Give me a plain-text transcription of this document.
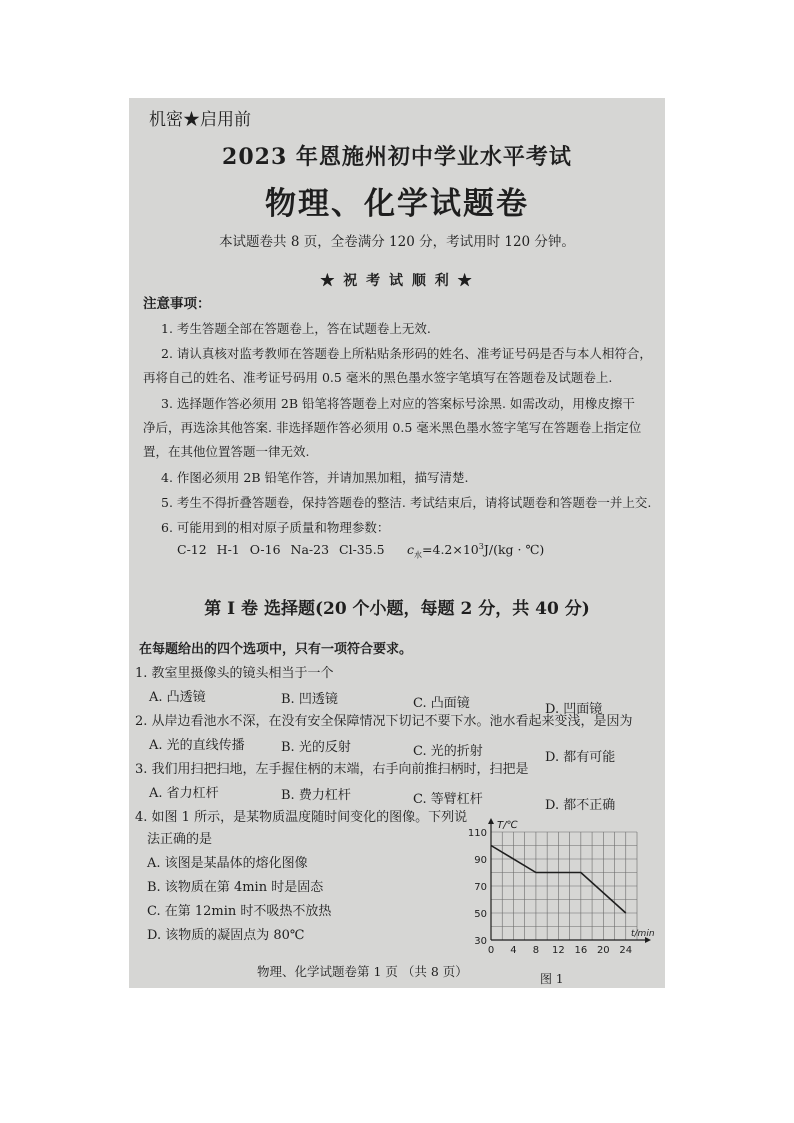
机密★启用前
2023 年恩施州初中学业水平考试
物理、化学试题卷
本试题卷共 8 页，全卷满分 120 分，考试用时 120 分钟。
★ 祝 考 试 顺 利 ★
注意事项：
1. 考生答题全部在答题卷上，答在试题卷上无效.
2. 请认真核对监考教师在答题卷上所粘贴条形码的姓名、准考证号码是否与本人相符合，
再将自己的姓名、准考证号码用 0.5 毫米的黑色墨水签字笔填写在答题卷及试题卷上.
3. 选择题作答必须用 2B 铅笔将答题卷上对应的答案标号涂黑. 如需改动，用橡皮擦干
净后，再选涂其他答案. 非选择题作答必须用 0.5 毫米黑色墨水签字笔写在答题卷上指定位
置，在其他位置答题一律无效.
4. 作图必须用 2B 铅笔作答，并请加黑加粗，描写清楚.
5. 考生不得折叠答题卷，保持答题卷的整洁. 考试结束后，请将试题卷和答题卷一并上交.
6. 可能用到的相对原子质量和物理参数：
C-12 H-1 O-16 Na-23 Cl-35.5 $c_水=4.2\times 10^3J/(kg$ · ℃)
第 I 卷 选择题(20 个小题，每题 2 分，共 40 分)
在每题给出的四个选项中，只有一项符合要求。
1. 教室里摄像头的镜头相当于一个
A. 凸透镜	B. 凹透镜	C. 凸面镜	D. 凹面镜
2. 从岸边看池水不深，在没有安全保障情况下切记不要下水。池水看起来变浅，是因为
A. 光的直线传播	B. 光的反射	C. 光的折射	D. 都有可能
3. 我们用扫把扫地，左手握住柄的末端，右手向前推扫柄时，扫把是
A. 省力杠杆	B. 费力杠杆	C. 等臂杠杆	D. 都不正确
4. 如图 1 所示，是某物质温度随时间变化的图像。下列说
法正确的是
A. 该图是某晶体的熔化图像
B. 该物质在第 4min 时是固态
C. 在第 12min 时不吸热不放热
D. 该物质的凝固点为 80℃
0 4 8 12 16 20 24
30
50
70
90
110
T/℃
t/min
物理、化学试题卷第 1 页 （共 8 页）	图 1
